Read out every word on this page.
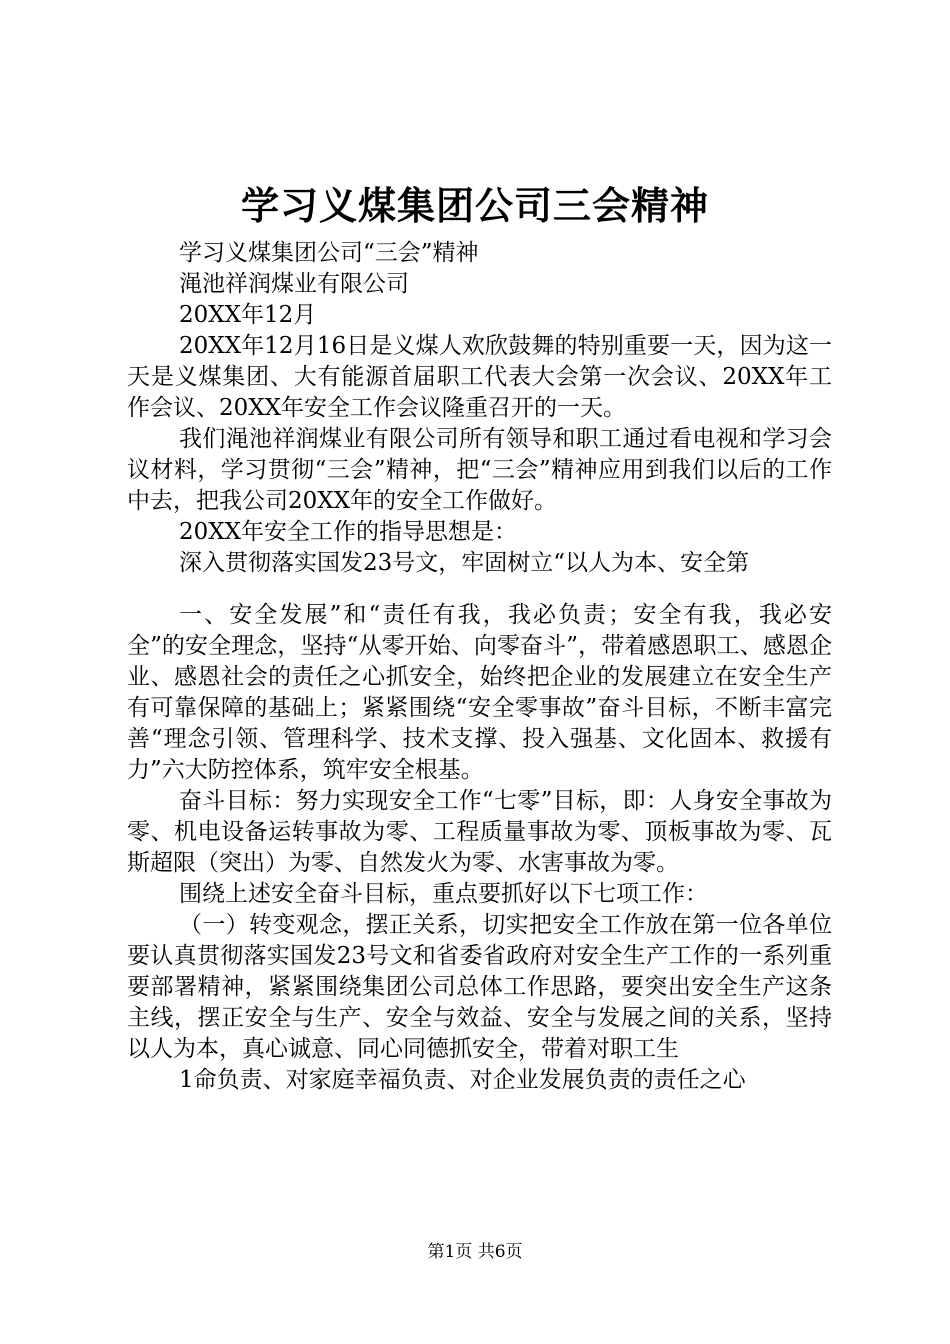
学习义煤集团公司三会精神

学习义煤集团公司“三会”精神

渑池祥润煤业有限公司

20XX年12月

20XX年12月16日是义煤人欢欣鼓舞的特别重要一天，因为这一天是义煤集团、大有能源首届职工代表大会第一次会议、20XX年工作会议、20XX年安全工作会议隆重召开的一天。

我们渑池祥润煤业有限公司所有领导和职工通过看电视和学习会议材料，学习贯彻“三会”精神，把“三会”精神应用到我们以后的工作中去，把我公司20XX年的安全工作做好。

20XX年安全工作的指导思想是：

深入贯彻落实国发23号文，牢固树立“以人为本、安全第

一、安全发展”和“责任有我，我必负责；安全有我，我必安全”的安全理念，坚持“从零开始、向零奋斗”，带着感恩职工、感恩企业、感恩社会的责任之心抓安全，始终把企业的发展建立在安全生产有可靠保障的基础上；紧紧围绕“安全零事故”奋斗目标，不断丰富完善“理念引领、管理科学、技术支撑、投入强基、文化固本、救援有力”六大防控体系，筑牢安全根基。

奋斗目标：努力实现安全工作“七零”目标，即：人身安全事故为零、机电设备运转事故为零、工程质量事故为零、顶板事故为零、瓦斯超限（突出）为零、自然发火为零、水害事故为零。

围绕上述安全奋斗目标，重点要抓好以下七项工作：

（一）转变观念，摆正关系，切实把安全工作放在第一位各单位要认真贯彻落实国发23号文和省委省政府对安全生产工作的一系列重要部署精神，紧紧围绕集团公司总体工作思路，要突出安全生产这条主线，摆正安全与生产、安全与效益、安全与发展之间的关系，坚持以人为本，真心诚意、同心同德抓安全，带着对职工生

1命负责、对家庭幸福负责、对企业发展负责的责任之心

第1页 共6页
